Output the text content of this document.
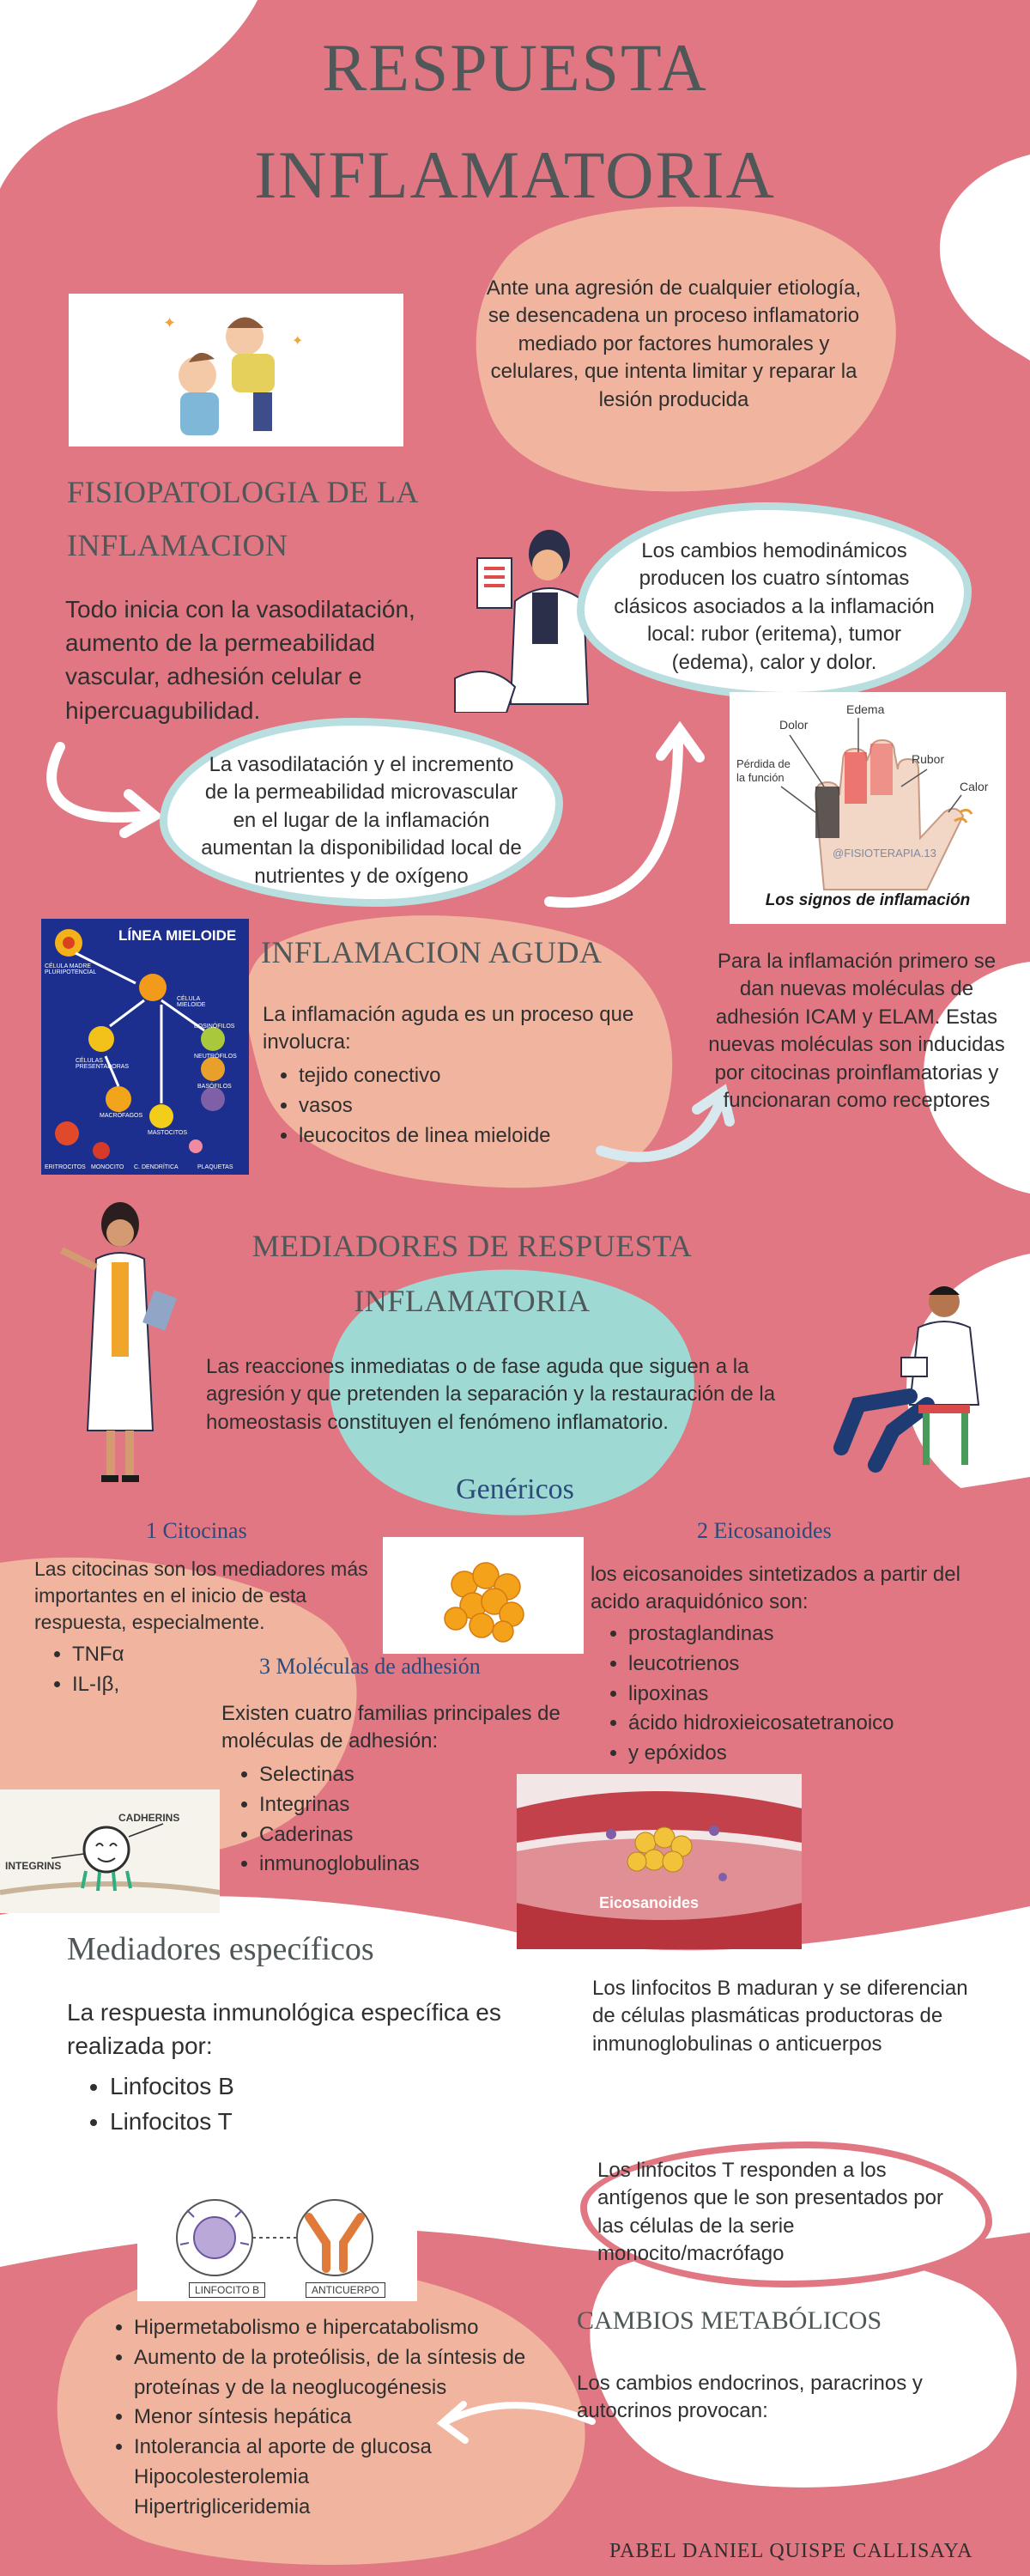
RESPUESTA
INFLAMATORIA
✦
✦
Ante una agresión de cualquier etiología, se desencadena un proceso inflamatorio mediado por factores humorales y celulares, que intenta limitar y reparar la lesión producida
FISIOPATOLOGIA DE LA
INFLAMACION
Todo inicia con la vasodilatación, aumento de la permeabilidad vascular, adhesión celular e hipercuagubilidad.
Los cambios hemodinámicos producen los cuatro síntomas clásicos asociados a la inflamación local: rubor (eritema), tumor (edema), calor y dolor.
La vasodilatación y el incremento de la permeabilidad microvascular en el lugar de la inflamación aumentan la disponibilidad local de nutrientes y de oxígeno
Dolor
Edema
Rubor
Pérdida de
la función
Calor
@FISIOTERAPIA.13
Los signos de inflamación
LÍNEA MIELOIDE
CÉLULA MADRE PLURIPOTENCIAL
CÉLULA MIELOIDE
CÉLULAS PRESENTADORAS
EOSINÓFILOS
NEUTRÓFILOS
BASÓFILOS
MACRÓFAGOS
MASTOCITOS
ERITROCITOS MONOCITO C. DENDRÍTICA	PLAQUETAS
INFLAMACION AGUDA
La inflamación aguda es un proceso que involucra:
• tejido conectivo
• vasos
• leucocitos de linea mieloide
Para la inflamación primero se dan nuevas moléculas de adhesión ICAM y ELAM. Estas nuevas moléculas son inducidas por citocinas proinflamatorias y funcionaran como receptores
MEDIADORES DE RESPUESTA
INFLAMATORIA
Las reacciones inmediatas o de fase aguda que siguen a la agresión y que pretenden la separación y la restauración de la homeostasis constituyen el fenómeno inflamatorio.
Genéricos
1 Citocinas
Las citocinas son los mediadores más importantes en el inicio de esta respuesta, especialmente.
• TNFα
• IL-Iβ,
2 Eicosanoides
los eicosanoides sintetizados a partir del acido araquidónico son:
• prostaglandinas
• leucotrienos
• lipoxinas
• ácido hidroxieicosatetranoico
• y epóxidos
3 Moléculas de adhesión
Existen cuatro familias principales de moléculas de adhesión:
• Selectinas
• Integrinas
• Caderinas
• inmunoglobulinas
CADHERINS
INTEGRINS
Eicosanoides
Mediadores específicos
La respuesta inmunológica específica es realizada por:
• Linfocitos B
• Linfocitos T
Los linfocitos B maduran y se diferencian de células plasmáticas productoras de inmunoglobulinas o anticuerpos
Los linfocitos T responden a los antígenos que le son presentados por las células de la serie monocito/macrófago
LINFOCITO B	ANTICUERPO
CAMBIOS METABÓLICOS
Los cambios endocrinos, paracrinos y autocrinos provocan:
• Hipermetabolismo e hipercatabolismo
• Aumento de la proteólisis, de la síntesis de proteínas y de la neoglucogénesis
• Menor síntesis hepática
• Intolerancia al aporte de glucosa
Hipocolesterolemia
Hipertrigliceridemia
PABEL DANIEL QUISPE CALLISAYA
